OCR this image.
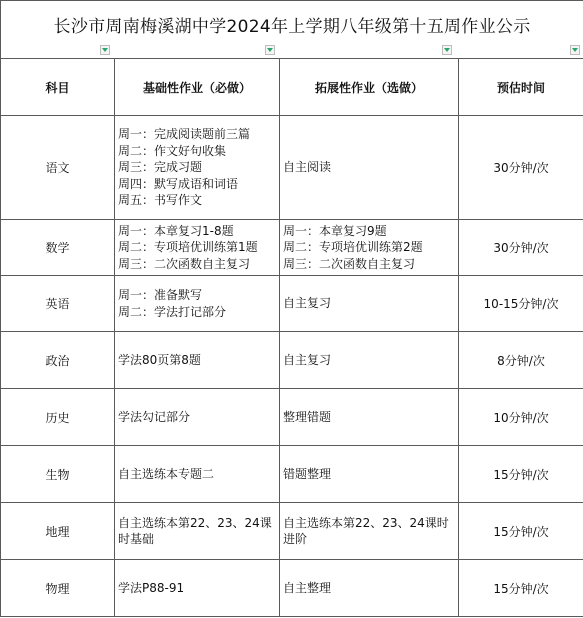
长沙市周南梅溪湖中学2024年上学期八年级第十五周作业公示			

科目	基础性作业（必做）	拓展性作业（选做）	预估时间
语文	周一：完成阅读题前三篇
周二：作文好句收集
周三：完成习题
周四：默写成语和词语
周五：书写作文	自主阅读	30分钟/次
数学	周一：本章复习1-8题
周二：专项培优训练第1题
周三：二次函数自主复习	周一：本章复习9题
周二：专项培优训练第2题
周三：二次函数自主复习	30分钟/次
英语	周一：准备默写
周二：学法打记部分	自主复习	10-15分钟/次
政治	学法80页第8题	自主复习	8分钟/次
历史	学法勾记部分	整理错题	10分钟/次
生物	自主选练本专题二	错题整理	15分钟/次
地理	自主选练本第22、23、24课时基础	自主选练本第22、23、24课时进阶	15分钟/次
物理	学法P88-91	自主整理	15分钟/次
